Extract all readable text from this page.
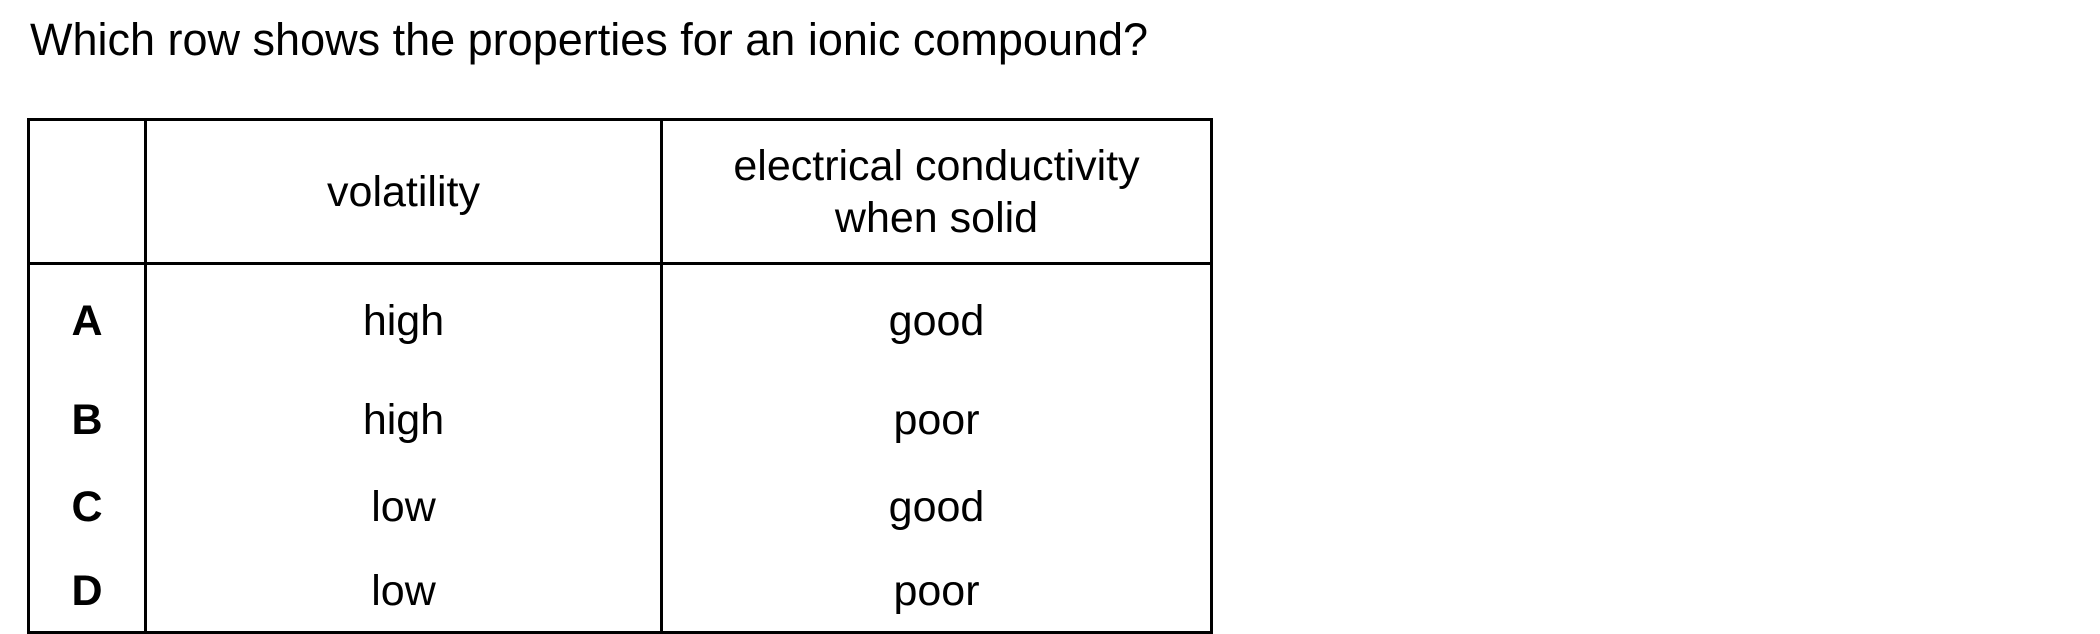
Which row shows the properties for an ionic compound?
	volatility	electrical conductivity
when solid
A	high	good
B	high	poor
C	low	good
D	low	poor
